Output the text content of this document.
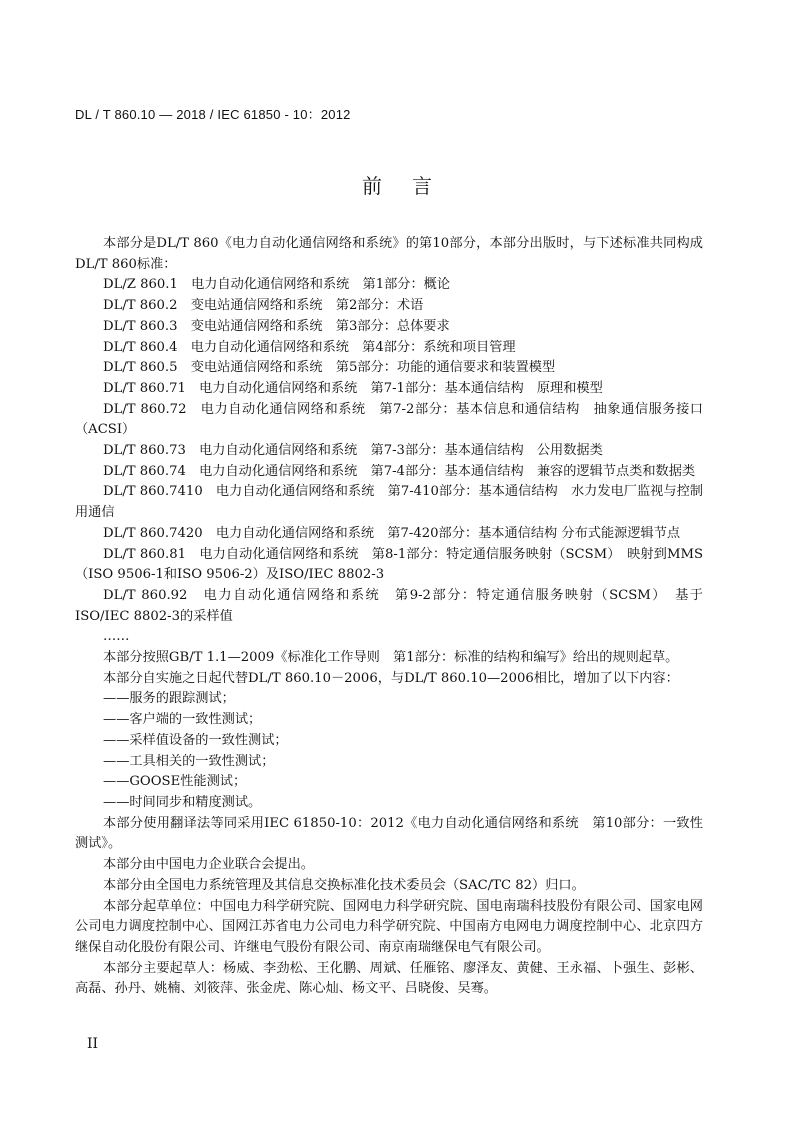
DL / T 860.10 — 2018 / IEC 61850 - 10：2012
前言

本部分是DL/T 860《电力自动化通信网络和系统》的第10部分，本部分出版时，与下述标准共同构成DL/T 860标准：

DL/Z 860.1　电力自动化通信网络和系统　第1部分：概论

DL/T 860.2　变电站通信网络和系统　第2部分：术语

DL/T 860.3　变电站通信网络和系统　第3部分：总体要求

DL/T 860.4　电力自动化通信网络和系统　第4部分：系统和项目管理

DL/T 860.5　变电站通信网络和系统　第5部分：功能的通信要求和装置模型

DL/T 860.71　电力自动化通信网络和系统　第7-1部分：基本通信结构　原理和模型

DL/T 860.72　电力自动化通信网络和系统　第7-2部分：基本信息和通信结构　抽象通信服务接口（ACSI）

DL/T 860.73　电力自动化通信网络和系统　第7-3部分：基本通信结构　公用数据类

DL/T 860.74　电力自动化通信网络和系统　第7-4部分：基本通信结构　兼容的逻辑节点类和数据类

DL/T 860.7410　电力自动化通信网络和系统　第7-410部分：基本通信结构　水力发电厂监视与控制用通信

DL/T 860.7420　电力自动化通信网络和系统　第7-420部分：基本通信结构 分布式能源逻辑节点

DL/T 860.81　电力自动化通信网络和系统　第8-1部分：特定通信服务映射（SCSM）　映射到MMS（ISO 9506-1和ISO 9506-2）及ISO/IEC 8802-3

DL/T 860.92　电力自动化通信网络和系统　第9-2部分：特定通信服务映射（SCSM）　基于ISO/IEC 8802-3的采样值

……

本部分按照GB/T 1.1—2009《标准化工作导则　第1部分：标准的结构和编写》给出的规则起草。

本部分自实施之日起代替DL/T 860.10－2006，与DL/T 860.10—2006相比，增加了以下内容：

——服务的跟踪测试；

——客户端的一致性测试；

——采样值设备的一致性测试；

——工具相关的一致性测试；

——GOOSE性能测试；

——时间同步和精度测试。

本部分使用翻译法等同采用IEC 61850-10：2012《电力自动化通信网络和系统　第10部分：一致性测试》。

本部分由中国电力企业联合会提出。

本部分由全国电力系统管理及其信息交换标准化技术委员会（SAC/TC 82）归口。

本部分起草单位：中国电力科学研究院、国网电力科学研究院、国电南瑞科技股份有限公司、国家电网公司电力调度控制中心、国网江苏省电力公司电力科学研究院、中国南方电网电力调度控制中心、北京四方继保自动化股份有限公司、许继电气股份有限公司、南京南瑞继保电气有限公司。

本部分主要起草人：杨威、李劲松、王化鹏、周斌、任雁铭、廖泽友、黄健、王永福、卜强生、彭彬、高磊、孙丹、姚楠、刘筱萍、张金虎、陈心灿、杨文平、吕晓俊、吴骞。

II
